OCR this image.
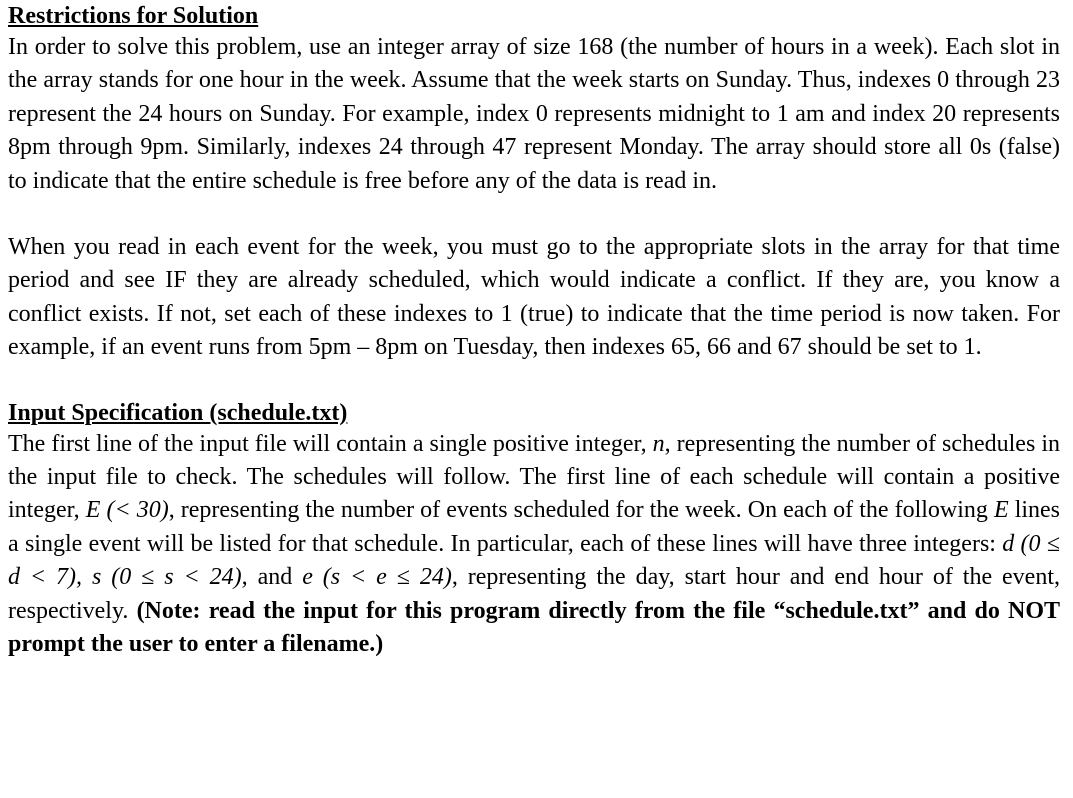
Restrictions for Solution

In order to solve this problem, use an integer array of size 168 (the number of hours in a week). Each slot in the array stands for one hour in the week. Assume that the week starts on Sunday. Thus, indexes 0 through 23 represent the 24 hours on Sunday. For example, index 0 represents midnight to 1 am and index 20 represents 8pm through 9pm. Similarly, indexes 24 through 47 represent Monday. The array should store all 0s (false) to indicate that the entire schedule is free before any of the data is read in.

When you read in each event for the week, you must go to the appropriate slots in the array for that time period and see IF they are already scheduled, which would indicate a conflict. If they are, you know a conflict exists. If not, set each of these indexes to 1 (true) to indicate that the time period is now taken. For example, if an event runs from 5pm – 8pm on Tuesday, then indexes 65, 66 and 67 should be set to 1.

Input Specification (schedule.txt)

The first line of the input file will contain a single positive integer, n, representing the number of schedules in the input file to check. The schedules will follow. The first line of each schedule will contain a positive integer, E (< 30), representing the number of events scheduled for the week. On each of the following E lines a single event will be listed for that schedule. In particular, each of these lines will have three integers: d (0 ≤ d < 7), s (0 ≤ s < 24), and e (s < e ≤ 24), representing the day, start hour and end hour of the event, respectively. (Note: read the input for this program directly from the file “schedule.txt” and do NOT prompt the user to enter a filename.)
